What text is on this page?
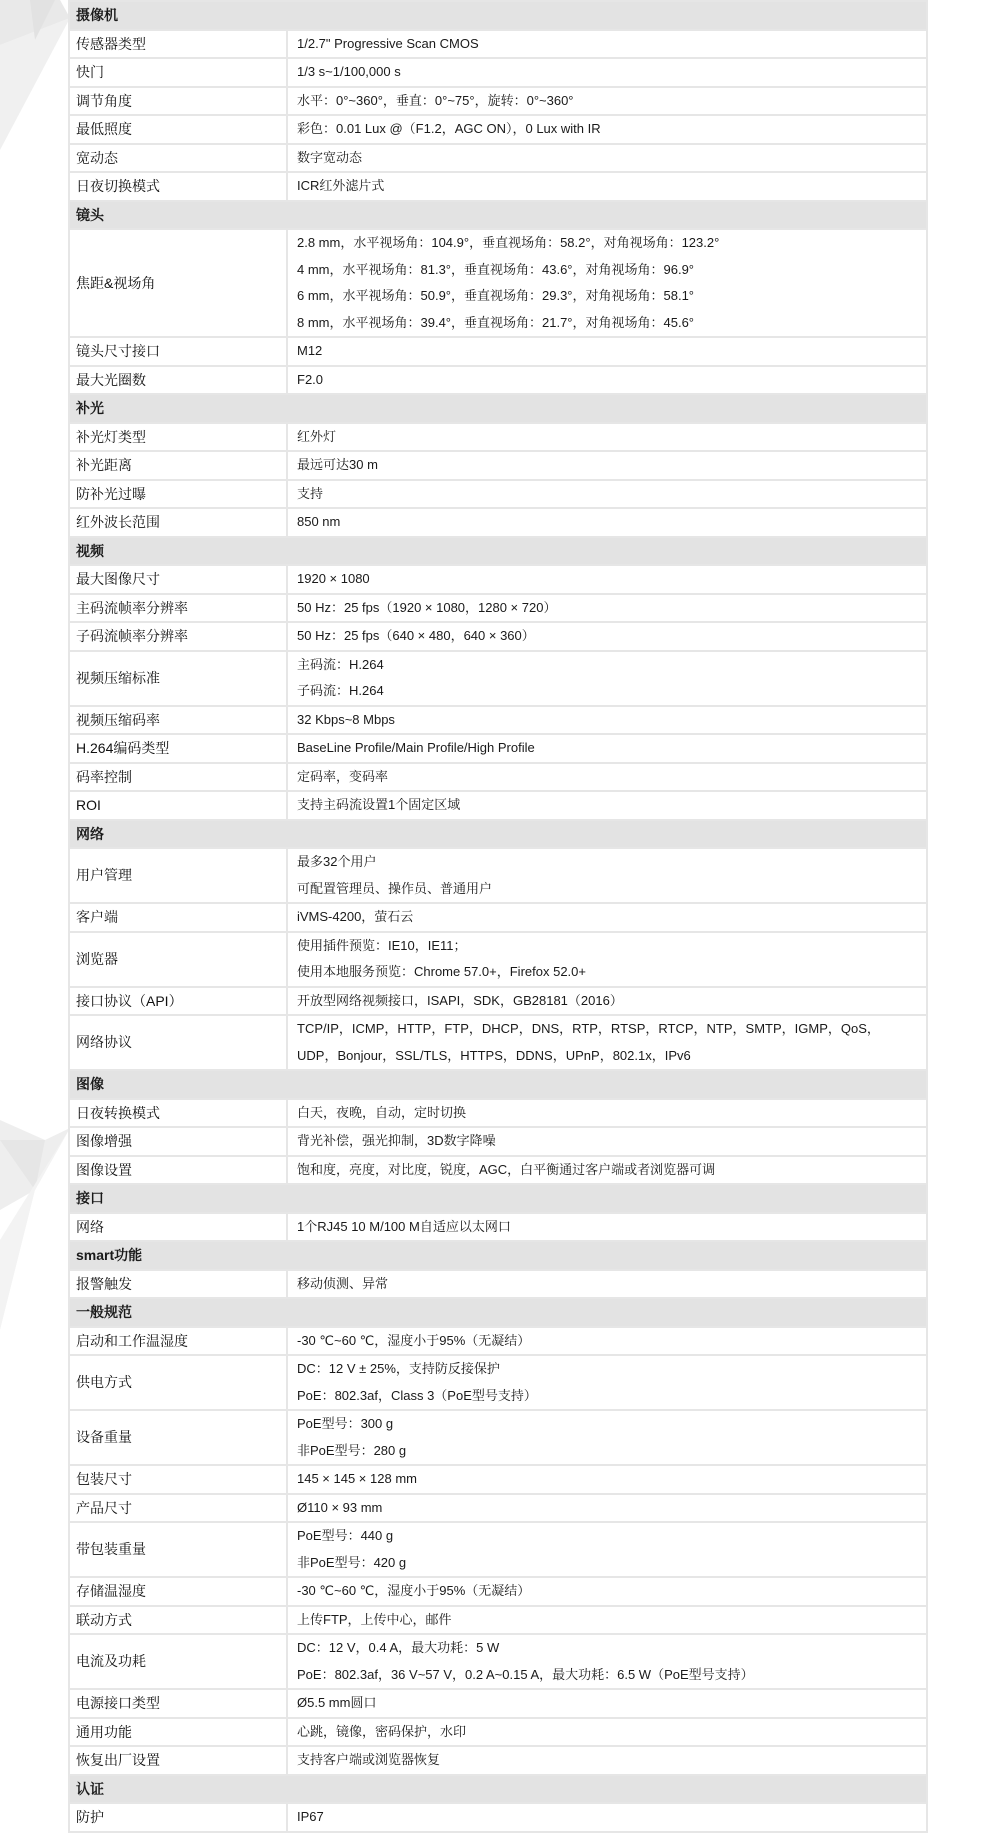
摄像机	
传感器类型	1/2.7" Progressive Scan CMOS

快门	1/3 s~1/100,000 s

调节角度	水平：0°~360°，垂直：0°~75°，旋转：0°~360°

最低照度	彩色：0.01 Lux @（F1.2，AGC ON），0 Lux with IR

宽动态	数字宽动态

日夜切换模式	ICR红外滤片式

镜头	
焦距&视场角	2.8 mm，水平视场角：104.9°，垂直视场角：58.2°，对角视场角：123.2°
4 mm，水平视场角：81.3°，垂直视场角：43.6°，对角视场角：96.9°
6 mm，水平视场角：50.9°，垂直视场角：29.3°，对角视场角：58.1°
8 mm，水平视场角：39.4°，垂直视场角：21.7°，对角视场角：45.6°

镜头尺寸接口	M12

最大光圈数	F2.0

补光	
补光灯类型	红外灯

补光距离	最远可达30 m

防补光过曝	支持

红外波长范围	850 nm

视频	
最大图像尺寸	1920 × 1080

主码流帧率分辨率	50 Hz：25 fps（1920 × 1080，1280 × 720）

子码流帧率分辨率	50 Hz：25 fps（640 × 480，640 × 360）

视频压缩标准	主码流：H.264
子码流：H.264

视频压缩码率	32 Kbps~8 Mbps

H.264编码类型	BaseLine Profile/Main Profile/High Profile

码率控制	定码率，变码率

ROI	支持主码流设置1个固定区域

网络	
用户管理	最多32个用户
可配置管理员、操作员、普通用户

客户端	iVMS-4200，萤石云

浏览器	使用插件预览：IE10，IE11；
使用本地服务预览：Chrome 57.0+，Firefox 52.0+

接口协议（API）	开放型网络视频接口，ISAPI，SDK，GB28181（2016）

网络协议	TCP/IP，ICMP，HTTP，FTP，DHCP，DNS，RTP，RTSP，RTCP，NTP，SMTP，IGMP，QoS，
UDP，Bonjour，SSL/TLS，HTTPS，DDNS，UPnP，802.1x，IPv6

图像	
日夜转换模式	白天，夜晚，自动，定时切换

图像增强	背光补偿，强光抑制，3D数字降噪

图像设置	饱和度，亮度，对比度，锐度，AGC，白平衡通过客户端或者浏览器可调

接口	
网络	1个RJ45 10 M/100 M自适应以太网口

smart功能	
报警触发	移动侦测、异常

一般规范	
启动和工作温湿度	-30 ℃~60 ℃，湿度小于95%（无凝结）

供电方式	DC：12 V ± 25%，支持防反接保护
PoE：802.3af，Class 3（PoE型号支持）

设备重量	PoE型号：300 g
非PoE型号：280 g

包装尺寸	145 × 145 × 128 mm

产品尺寸	Ø110 × 93 mm

带包装重量	PoE型号：440 g
非PoE型号：420 g

存储温湿度	-30 ℃~60 ℃，湿度小于95%（无凝结）

联动方式	上传FTP，上传中心，邮件

电流及功耗	DC：12 V，0.4 A，最大功耗：5 W
PoE：802.3af，36 V~57 V，0.2 A~0.15 A，最大功耗：6.5 W（PoE型号支持）

电源接口类型	Ø5.5 mm圆口

通用功能	心跳，镜像，密码保护，水印

恢复出厂设置	支持客户端或浏览器恢复

认证	
防护	IP67
